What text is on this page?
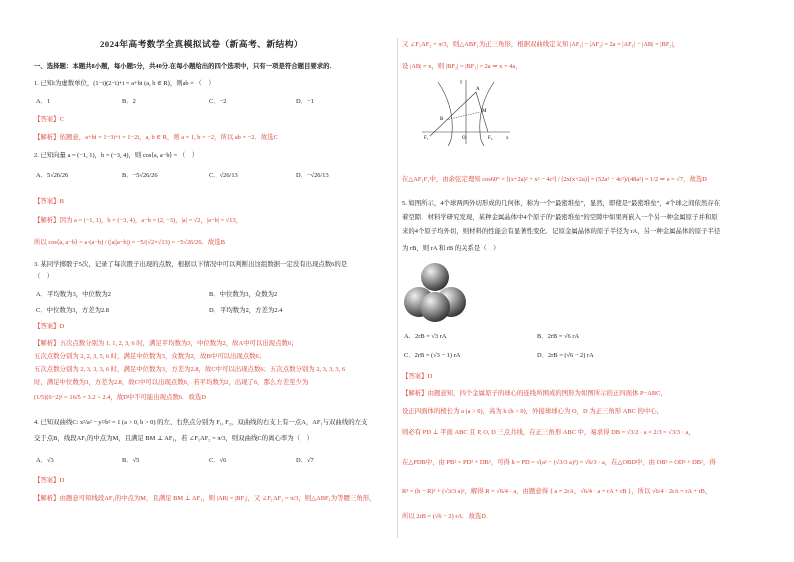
2024年高考数学全真模拟试卷（新高考、新结构）
一、选择题：本题共8小题，每小题5分，共40分.在每小题给出的四个选项中，只有一项是符合题目要求的.
1. 已知i为虚数单位，(1−i)(2−i)+i = a+bi (a, b ∈ R)，则ab = （　）
A．1	B．2	C．−2	D．−1
【答案】C
【解析】依题意，a+bi = 1−3i+i = 1−2i，a, b ∈ R，则 a = 1, b = −2，所以 ab = −2．故选C
2. 已知向量 a = (−1, 1)，b = (−3, 4)，则 cos⟨a, a−b⟩ = （　）
A．5√26/26	B．−5√26/26	C．√26/13	D．−√26/13
【答案】B
【解析】因为 a = (−1, 1)，b = (−3, 4)，a−b = (2, −3)，|a| = √2，|a−b| = √13，
所以 cos⟨a, a−b⟩ = a·(a−b) / (|a||a−b|) = −5/(√2×√13) = −5√26/26．故选B
3. 某同学掷骰子5次，记录了每次骰子出现的点数，根据以下情况中可以判断出这组数据一定没有出现点数6的是
（　）
A．平均数为3，中位数为2	B．中位数为3，众数为2
C．中位数为3，方差为2.8	D．平均数为2，方差为2.4
【答案】D
【解析】五次点数分别为 1, 1, 2, 3, 6 时，满足平均数为3，中位数为2，故A中可以出现点数6；
五次点数分别为 2, 2, 3, 5, 6 时，满足中位数为3，众数为2，故B中可以出现点数6；
五次点数分别为 2, 3, 3, 3, 6 时，满足中位数为3，方差为2.8，故C中可以出现点数6；五次点数分别为 2, 3, 3, 3, 6
时，满足中位数为3，方差为2.8，故C中可以出现点数6，若平均数为2，出现了6，那么方差至少为
(1/5)(6−2)² = 16/5 = 3.2 > 2.4，故D中不可能出现点数6．故选D
4. 已知双曲线C: x²/a² − y²/b² = 1 (a > 0, b > 0) 的左、右焦点分别为 F₁, F₂，双曲线的右支上有一点A，AF₁与双曲线的左支
交于点B，线段AF₁的中点为M，且满足 BM ⊥ AF₁，若 ∠F₁AF₂ = π/3，则双曲线C的离心率为（　）
A．√3	B．√5	C．√6	D．√7
【答案】D
【解析】由题意可知线段AF₁的中点为M，且满足 BM ⊥ AF₁，则 |AB| = |BF₁|，又 ∠F₁AF₂ = π/3，则△ABF₁为等腰三角形，
又 ∠F₁AF₂ = π/3，则△ABF₁为正三角形，根据双曲线定义知 |AF₁| − |AF₂| = 2a = |AF₁| − |AB| = |BF₂|，
设 |AB| = x，则 |BF₂| = |BF₁| = 2a ⇒ x = 4a，
y
A
M
B
O
F₁	F₂	x
在△AF₁F₂中，由余弦定理知 cos60° = [(x+2a)² + x² − 4c²] / [2x(x+2a)] = (52a² − 4c²)/(48a²) = 1/2 ⇒ e = √7，故选D
5. 如图所示，4个球两两外切形成的几何体，称为一个“最密堆垒”，显然，即使是“最密堆垒”，4个球之间依然存在
着空隙．材料学研究发现，某种金属晶体中4个原子的“最密堆垒”的空隙中如果再嵌入一个另一种金属原子并和原
来的4个原子均外切，则材料的性能会有显著性变化．记原金属晶体的原子半径为 rA，另一种金属晶体的原子半径
为 rB，则 rA 和 rB 的关系是（　）
A．2rB = √3 rA	B．2rB = √6 rA
C．2rB = (√3 − 1) rA	D．2rB = (√6 − 2) rA
【答案】D
【解析】由题意知，四个金属原子的球心的连线所围成的图形为如图所示的正四面体 P−ABC，
设正四面体的棱长为 a (a > 0)，高为 h (h > 0)，外接球球心为 O，D 为正三角形 ABC 的中心，
则必有 PD ⊥ 平面 ABC 且 P, O, D 三点共线，在正三角形 ABC 中，易求得 DB = √3/2 · a × 2/3 = √3/3 · a，
在△PDB中，由 PB² = PD² + DB²，可得 h = PD = √(a² − (√3/3 a)²) = √6/3 · a，在△OBD中，由 OB² = OD² + DB²，得
R² = (h − R)² + (√3/3 a)²，解得 R = √6/4 · a，由题意得 { a = 2rA，√6/4 · a = rA + rB }，所以 √6/4 · 2rA = rA + rB，
所以 2rB = (√6 − 2) rA．故选D．
